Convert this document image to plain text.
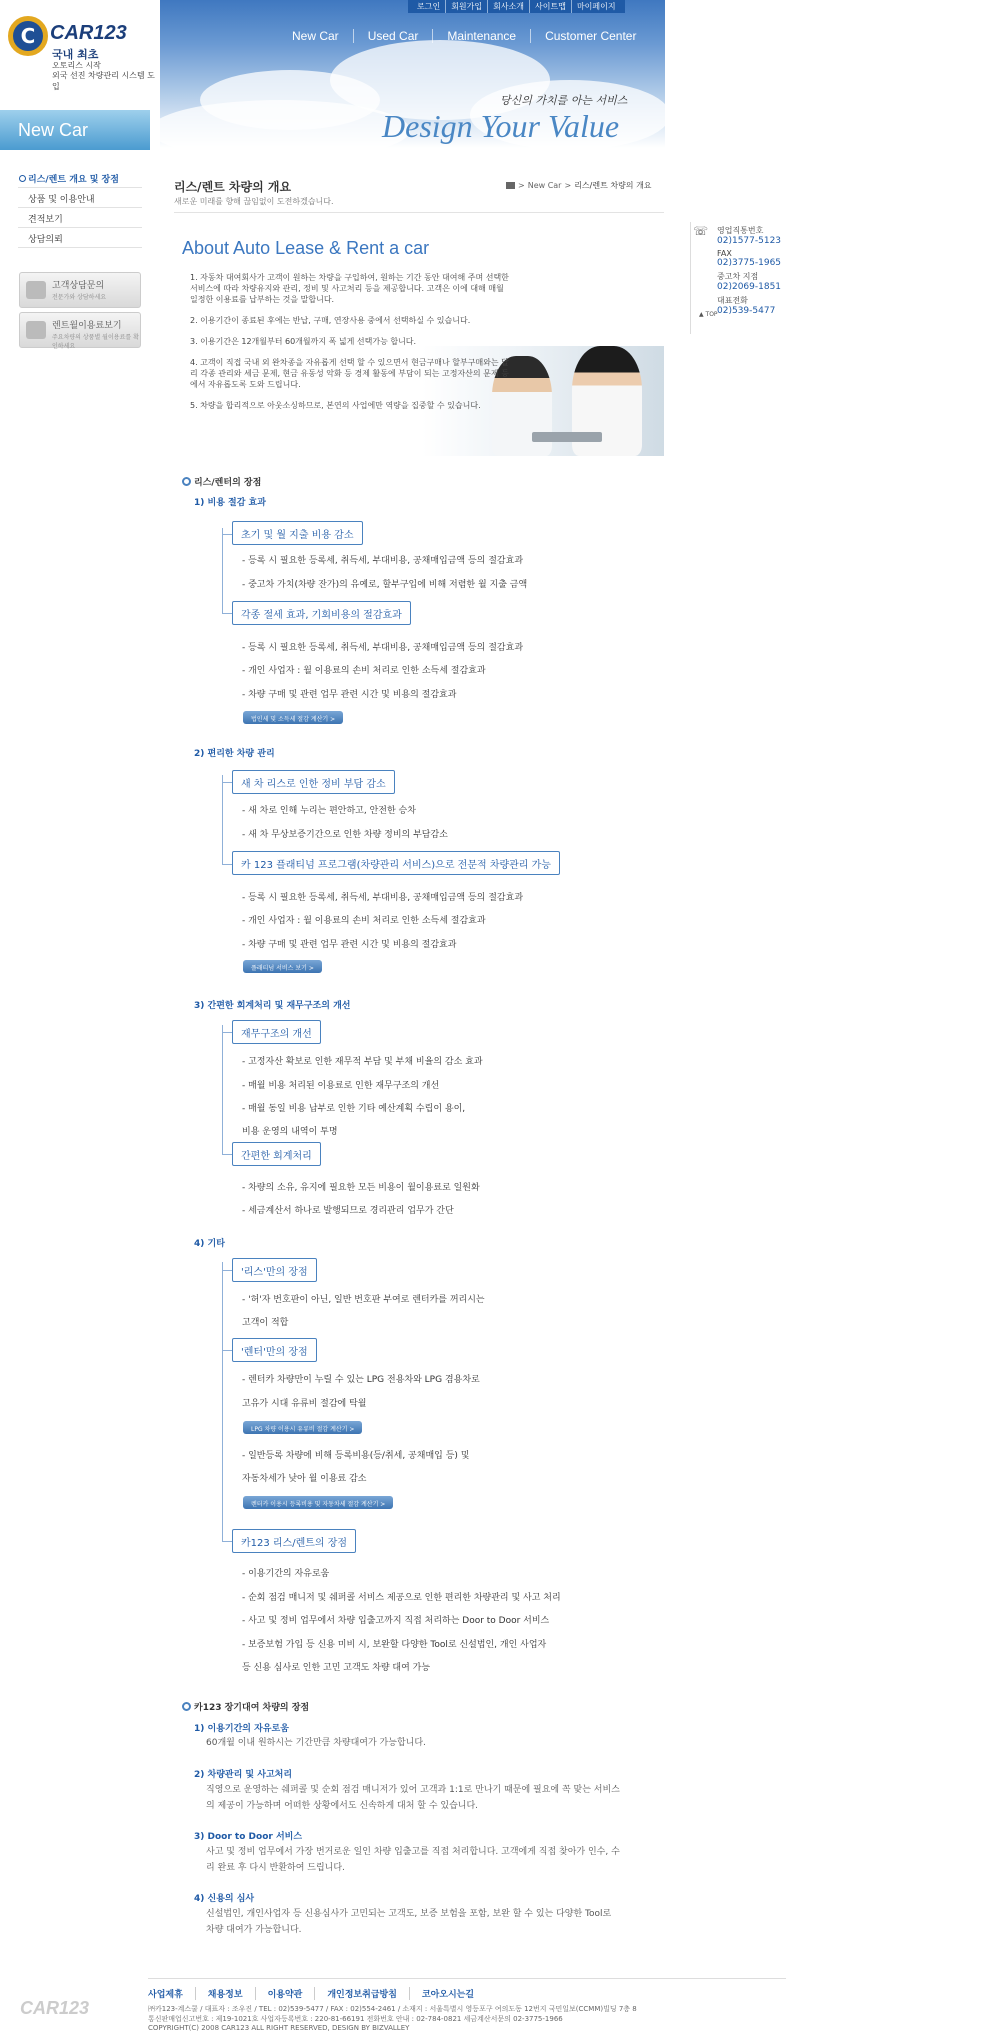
C CAR123
국내 최초
오토리스 시작
외국 선진 차량관리 시스템 도입
로그인	회원가입	회사소개	사이트맵	마이페이지
New Car	Used Car	Maintenance	Customer Center
당신의 가치를 아는 서비스
Design Your Value
New Car
리스/렌트 개요 및 장점
상품 및 이용안내
견적보기
상담의뢰
고객상담문의
전문가와 상담하세요
렌트월이용료보기
주요차량의 상품별 월이용료를 확인하세요
☏ 영업직통번호
02)1577-5123
FAX
02)3775-1965
중고차 지점
02)2069-1851
대표전화
02)539-5477
▲ TOP
리스/렌트 차량의 개요
새로운 미래를 향해 끊임없이 도전하겠습니다.
> New Car > 리스/렌트 차량의 개요
About Auto Lease & Rent a car
1. 자동차 대여회사가 고객이 원하는 차량을 구입하여, 원하는 기간 동안 대여해 주며 선택한 서비스에 따라 차량유지와 관리, 정비 및 사고처리 등을 제공합니다. 고객은 이에 대해 매월 일정한 이용료를 납부하는 것을 말합니다.
2. 이용기간이 종료된 후에는 반납, 구매, 연장사용 중에서 선택하실 수 있습니다.
3. 이용기간은 12개월부터 60개월까지 폭 넓게 선택가능 합니다.
4. 고객이 직접 국내 외 완차종을 자유롭게 선택 할 수 있으면서 현금구매나 할부구매와는 달리 각종 관리와 세금 문제, 현금 유동성 악화 등 경제 활동에 부담이 되는 고정자산의 문제 등에서 자유롭도록 도와 드립니다.
5. 차량을 합리적으로 아웃소싱하므로, 본연의 사업에만 역량을 집중할 수 있습니다.
리스/렌터의 장점
1) 비용 절감 효과
초기 및 월 지출 비용 감소
- 등록 시 필요한 등록세, 취득세, 부대비용, 공채매입금액 등의 절감효과
- 중고차 가치(차량 잔가)의 유예로, 할부구입에 비해 저렴한 월 지출 금액
각종 절세 효과, 기회비용의 절감효과
- 등록 시 필요한 등록세, 취득세, 부대비용, 공채매입금액 등의 절감효과
- 개인 사업자 : 월 이용료의 손비 처리로 인한 소득세 절감효과
- 차량 구매 및 관련 업무 관련 시간 및 비용의 절감효과
법인세 및 소득세 절감 계산기 >
2) 편리한 차량 관리
새 차 리스로 인한 정비 부담 감소
- 새 차로 인해 누리는 편안하고, 안전한 승차
- 새 차 무상보증기간으로 인한 차량 정비의 부담감소
카 123 플래티넘 프로그램(차량관리 서비스)으로 전문적 차량관리 가능
- 등록 시 필요한 등록세, 취득세, 부대비용, 공채매입금액 등의 절감효과
- 개인 사업자 : 월 이용료의 손비 처리로 인한 소득세 절감효과
- 차량 구매 및 관련 업무 관련 시간 및 비용의 절감효과
플래티넘 서비스 보기 >
3) 간편한 회계처리 및 재무구조의 개선
재무구조의 개선
- 고정자산 확보로 인한 재무적 부담 및 부채 비율의 감소 효과
- 매월 비용 처리된 이용료로 인한 재무구조의 개선
- 매월 동일 비용 납부로 인한 기타 예산계획 수립이 용이,
비용 운영의 내역이 투명
간편한 회계처리
- 차량의 소유, 유지에 필요한 모든 비용이 월이용료로 일원화
- 세금계산서 하나로 발행되므로 경리관리 업무가 간단
4) 기타
'리스'만의 장점
- '허'자 번호판이 아닌, 일반 번호판 부여로 렌터카를 꺼리시는
고객이 적합
'렌터'만의 장점
- 렌터카 차량만이 누릴 수 있는 LPG 전용차와 LPG 겸용차로
고유가 시대 유류비 절감에 탁월
LPG 차량 이용시 유류비 절감 계산기 >
- 일반등록 차량에 비해 등록비용(등/취세, 공채매입 등) 및
자동차세가 낮아 월 이용료 감소
렌터카 이용시 등록비용 및 자동차세 절감 계산기 >
카123 리스/렌트의 장점
- 이용기간의 자유로움
- 순회 점검 매니저 및 쉐퍼콜 서비스 제공으로 인한 편리한 차량관리 및 사고 처리
- 사고 및 정비 업무에서 차량 입출고까지 직접 처리하는 Door to Door 서비스
- 보증보험 가입 등 신용 미비 시, 보완할 다양한 Tool로 신설법인, 개인 사업자
등 신용 심사로 인한 고민 고객도 차량 대여 가능
카123 장기대여 차량의 장점
1) 이용기간의 자유로움
60개월 이내 원하시는 기간만큼 차량대여가 가능합니다.
2) 차량관리 및 사고처리
직영으로 운영하는 쉐퍼콜 및 순회 점검 매니저가 있어 고객과 1:1로 만나기 때문에 필요에 꼭 맞는 서비스
의 제공이 가능하며 어떠한 상황에서도 신속하게 대처 할 수 있습니다.
3) Door to Door 서비스
사고 및 정비 업무에서 가장 번거로운 일인 차량 입출고를 직접 처리합니다. 고객에게 직접 찾아가 인수, 수
리 완료 후 다시 반환하여 드립니다.
4) 신용의 심사
신설법인, 개인사업자 등 신용심사가 고민되는 고객도, 보증 보험을 포함, 보완 할 수 있는 다양한 Tool로
차량 대여가 가능합니다.
CAR123
사업제휴	채용정보	이용약관	개인정보취급방침	코아오시는길
㈜카123-계스쿨 / 대표자 : 조우진 / TEL : 02)539-5477 / FAX : 02)554-2461 / 소재지 : 서울특별시 영등포구 여의도동 12번지 국민일보(CCMM)빌딩 7층 8
통신판매업신고번호 : 제19-1021호 사업자등록번호 : 220-81-66191 전화번호 안내 : 02-784-0821 세금계산서문의 02-3775-1966
COPYRIGHT(C) 2008 CAR123 ALL RIGHT RESERVED, DESIGN BY BIZVALLEY
